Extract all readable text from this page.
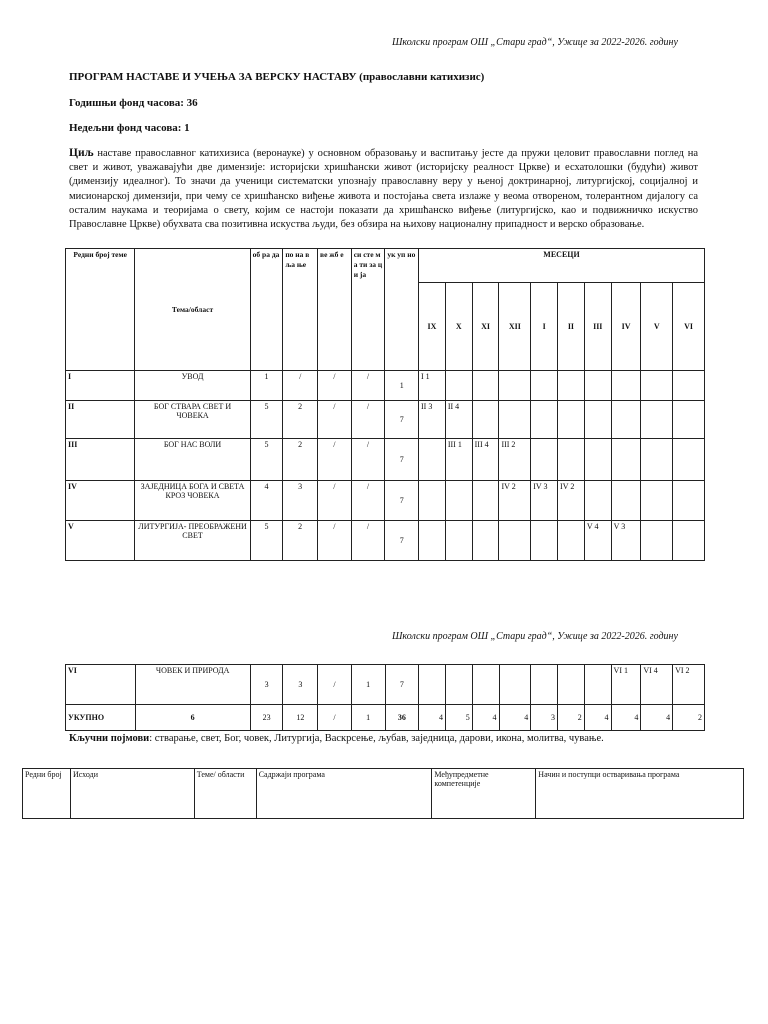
Школски програм ОШ „Стари град“, Ужице за 2022-2026. годину
ПРОГРАМ НАСТАВЕ И УЧЕЊА ЗА ВЕРСКУ НАСТАВУ (православни катихизис)
Годишњи фонд часова: 36
Недељни фонд часова: 1
Циљ наставе православног катихизиса (веронауке) у основном образовању и васпитању јесте да пружи целовит православни поглед на свет и живот, уважавајући две димензије: историјски хришћански живот (историјску реалност Цркве) и есхатолошки (будући) живот (димензију идеалног). То значи да ученици систематски упознају православну веру у њеној доктринарној, литургијској, социјалној и мисионарској димензији, при чему се хришћанско виђење живота и постојања света излаже у веома отвореном, толерантном дијалогу са осталим наукама и теоријама о свету, којим се настоји показати да хришћанско виђење (литургијско, као и подвижничко искуство Православне Цркве) обухвата сва позитивна искуства људи, без обзира на њихову националну припадност и верско образовање.
Редни број теме	Тема/област	об ра да	по на вља ње	ве жб е	си сте ма ти за ци ја	ук уп но	МЕСЕЦИ									
							IX	X	XI	XII	I	II	III	IV	V	VI
I	УВОД	1	/	/	/	1	I 1									
II	БОГ СТВАРА СВЕТ И ЧОВЕКА	5	2	/	/	7	II 3	II 4								
III	БОГ НАС ВОЛИ	5	2	/	/	7		III 1	III 4	III 2						
IV	ЗАЈЕДНИЦА БОГА И СВЕТА КРОЗ ЧОВЕКА	4	3	/	/	7				IV 2	IV 3	IV 2				
V	ЛИТУРГИЈА- ПРЕОБРАЖЕНИ СВЕТ	5	2	/	/	7							V 4	V 3		
Школски програм ОШ „Стари град“, Ужице за 2022-2026. годину
VI	ЧОВЕК И ПРИРОДА	3	3	/	1	7								VI 1	VI 4	VI 2
УКУПНО	6	23	12	/	1	36	4	5	4	4	3	2	4	4	4	2
Кључни појмови: стварање, свет, Бог, човек, Литургија, Васкрсење, љубав, заједница, дарови, икона, молитва, чување.
Редни број	Исходи	Теме/ области	Садржаји програма	Међупредметне компетенције	Начин и поступци остваривања програма
